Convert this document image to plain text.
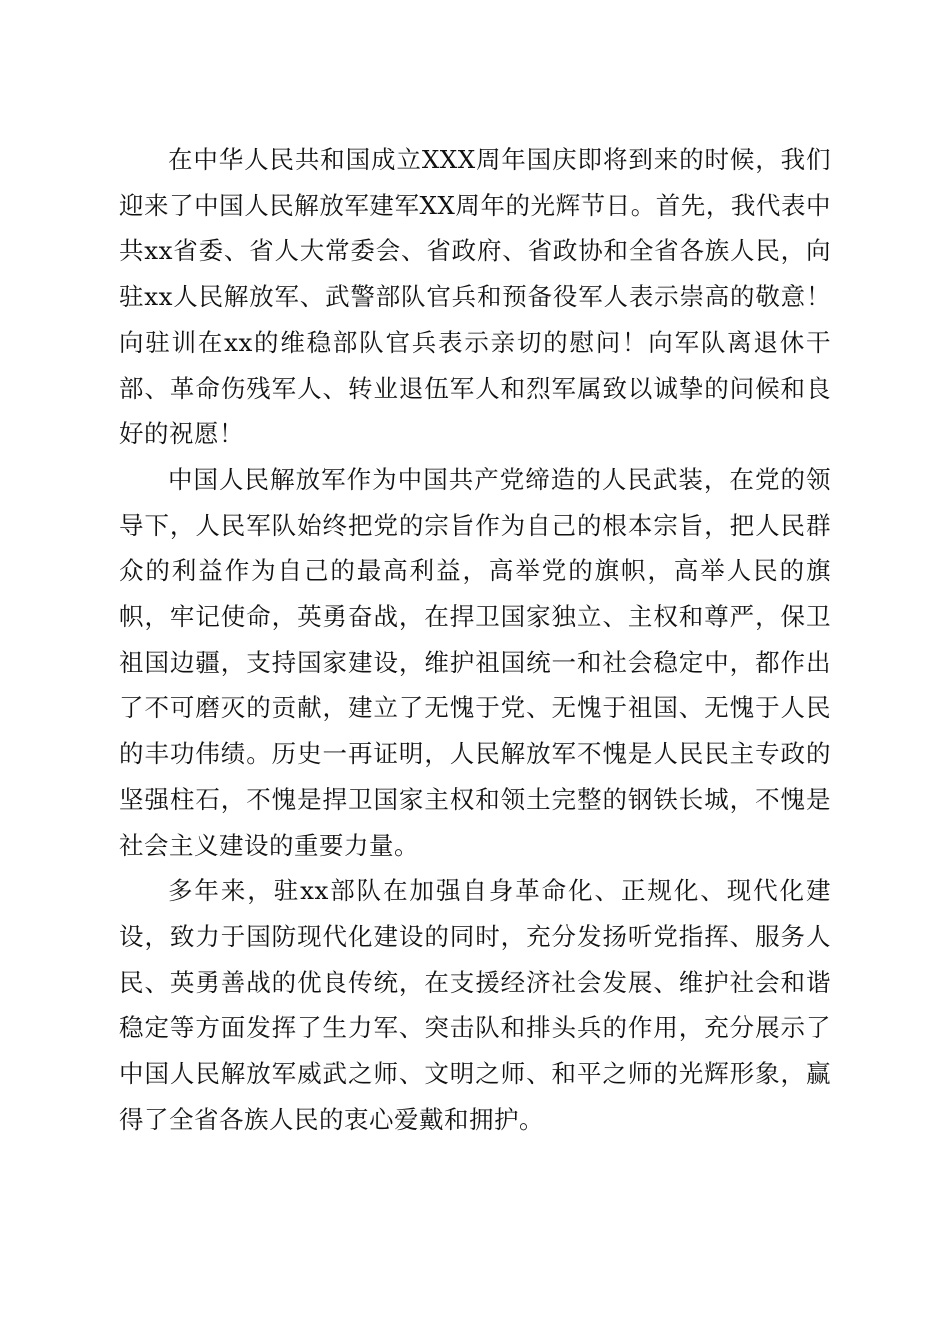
在中华人民共和国成立XXX周年国庆即将到来的时候，我们迎来了中国人民解放军建军XX周年的光辉节日。首先，我代表中共xx省委、省人大常委会、省政府、省政协和全省各族人民，向驻xx人民解放军、武警部队官兵和预备役军人表示崇高的敬意！向驻训在xx的维稳部队官兵表示亲切的慰问！向军队离退休干部、革命伤残军人、转业退伍军人和烈军属致以诚挚的问候和良好的祝愿！

中国人民解放军作为中国共产党缔造的人民武装，在党的领导下，人民军队始终把党的宗旨作为自己的根本宗旨，把人民群众的利益作为自己的最高利益，高举党的旗帜，高举人民的旗帜，牢记使命，英勇奋战，在捍卫国家独立、主权和尊严，保卫祖国边疆，支持国家建设，维护祖国统一和社会稳定中，都作出了不可磨灭的贡献，建立了无愧于党、无愧于祖国、无愧于人民的丰功伟绩。历史一再证明，人民解放军不愧是人民民主专政的坚强柱石，不愧是捍卫国家主权和领土完整的钢铁长城，不愧是社会主义建设的重要力量。

多年来，驻xx部队在加强自身革命化、正规化、现代化建设，致力于国防现代化建设的同时，充分发扬听党指挥、服务人民、英勇善战的优良传统，在支援经济社会发展、维护社会和谐稳定等方面发挥了生力军、突击队和排头兵的作用，充分展示了中国人民解放军威武之师、文明之师、和平之师的光辉形象，赢得了全省各族人民的衷心爱戴和拥护。
